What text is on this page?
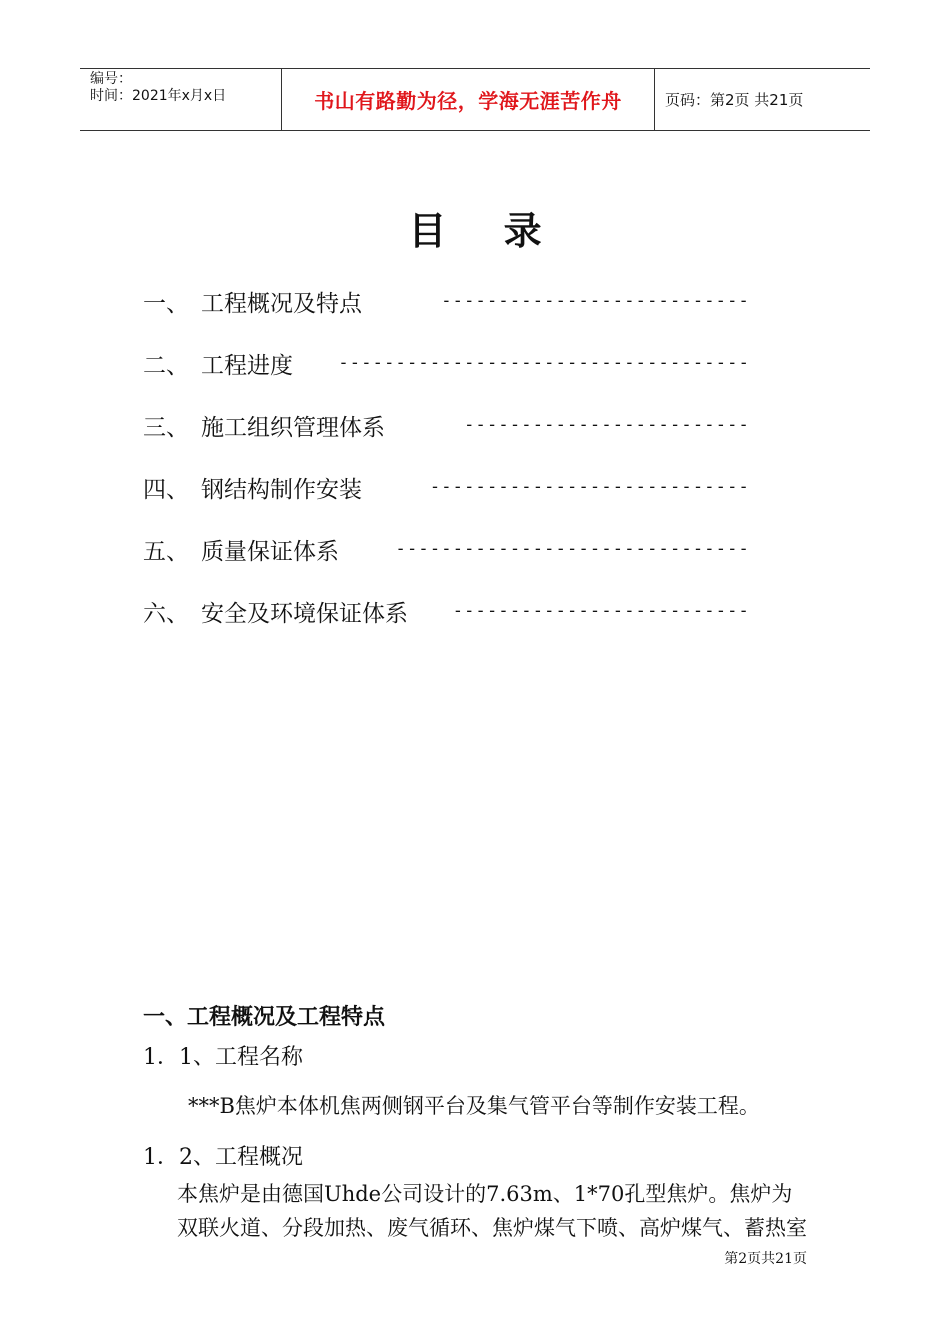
编号：
时间：2021年x月x日	书山有路勤为径，学海无涯苦作舟	页码：第2页 共21页
目 录
一、 工程概况及特点	---------------------------
二、 工程进度	------------------------------------
三、 施工组织管理体系	-------------------------
四、 钢结构制作安装	----------------------------
五、 质量保证体系	-------------------------------
六、 安全及环境保证体系	--------------------------
一、工程概况及工程特点
1．1、工程名称
***B焦炉本体机焦两侧钢平台及集气管平台等制作安装工程。
1．2、工程概况
本焦炉是由德国Uhde公司设计的7.63m、1*70孔型焦炉。焦炉为
双联火道、分段加热、废气循环、焦炉煤气下喷、高炉煤气、蓄热室
第2页共21页
